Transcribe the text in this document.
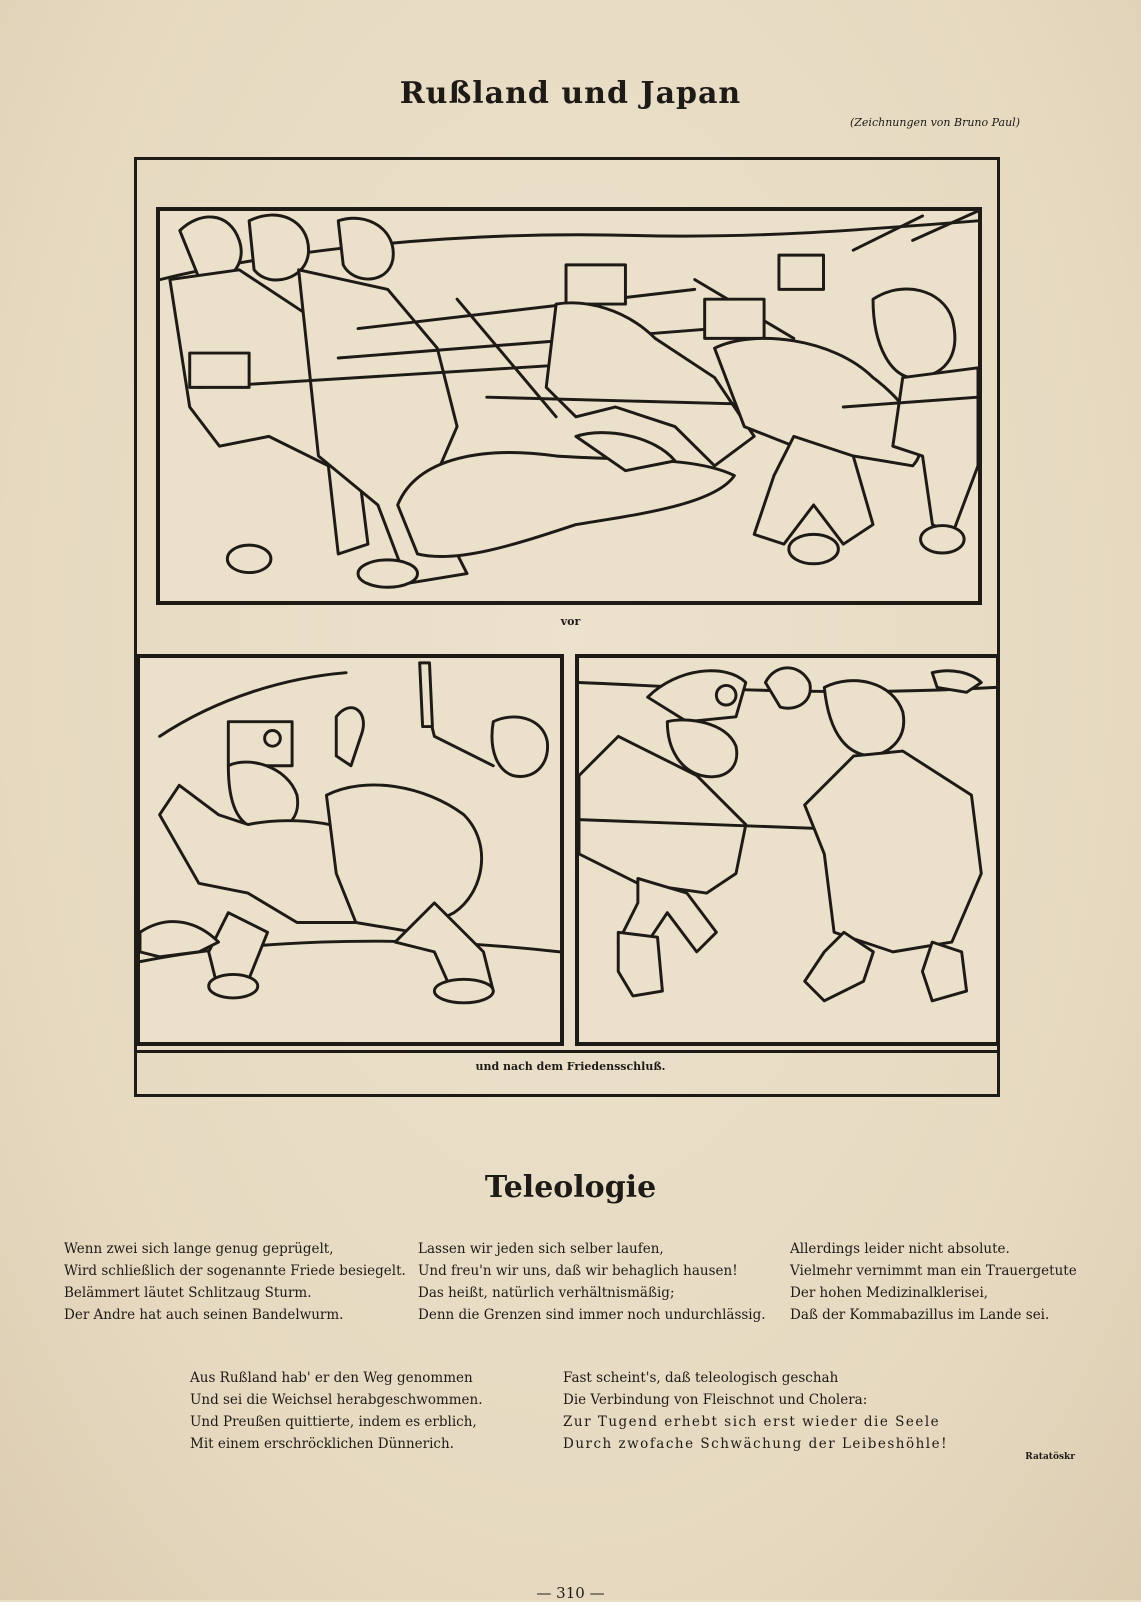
Rußland und Japan
(Zeichnungen von Bruno Paul)
vor
und nach dem Friedensschluß.
Teleologie
Wenn zwei sich lange genug geprügelt,
Wird schließlich der sogenannte Friede besiegelt.
Belämmert läutet Schlitzaug Sturm.
Der Andre hat auch seinen Bandelwurm.
Lassen wir jeden sich selber laufen,
Und freu'n wir uns, daß wir behaglich hausen!
Das heißt, natürlich verhältnismäßig;
Denn die Grenzen sind immer noch undurchlässig.
Allerdings leider nicht absolute.
Vielmehr vernimmt man ein Trauergetute
Der hohen Medizinalklerisei,
Daß der Kommabazillus im Lande sei.
Aus Rußland hab' er den Weg genommen
Und sei die Weichsel herabgeschwommen.
Und Preußen quittierte, indem es erblich,
Mit einem erschröcklichen Dünnerich.
Fast scheint's, daß teleologisch geschah
Die Verbindung von Fleischnot und Cholera:
Zur Tugend erhebt sich erst wieder die Seele
Durch zwofache Schwächung der Leibeshöhle!
Ratatöskr
— 310 —
